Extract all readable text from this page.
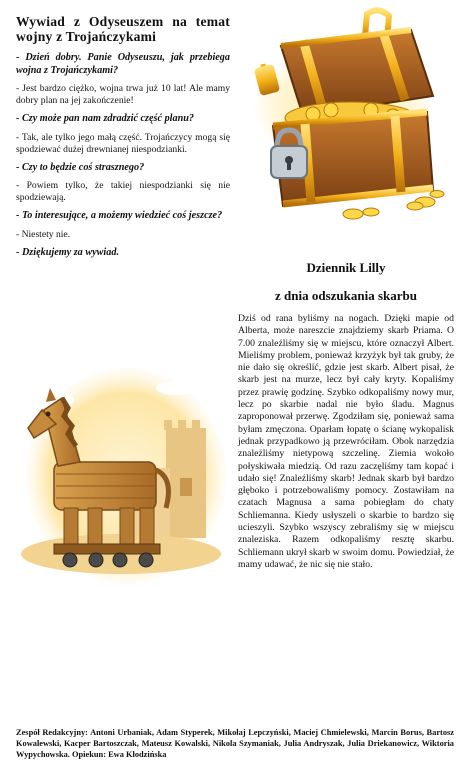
Wywiad z Odyseuszem na temat wojny z Trojańczykami

- Dzień dobry. Panie Odyseuszu, jak przebiega wojna z Trojańczykami?

- Jest bardzo ciężko, wojna trwa już 10 lat! Ale mamy dobry plan na jej zakończenie!

- Czy może pan nam zdradzić część planu?

- Tak, ale tylko jego małą część. Trojańczycy mogą się spodziewać dużej drewnianej niespodzianki.

- Czy to będzie coś strasznego?

- Powiem tylko, że takiej niespodzianki się nie spodziewają.

- To interesujące, a możemy wiedzieć coś jeszcze?

- Niestety nie.

- Dziękujemy za wywiad.

Dziennik Lilly
z dnia odszukania skarbu

Dziś od rana byliśmy na nogach. Dzięki mapie od Alberta, może nareszcie znajdziemy skarb Priama. O 7.00 znaleźliśmy się w miejscu, które oznaczył Albert. Mieliśmy problem, ponieważ krzyżyk był tak gruby, że nie dało się określić, gdzie jest skarb. Albert pisał, że skarb jest na murze, lecz był cały kryty. Kopaliśmy przez prawię godzinę. Szybko odkopaliśmy nowy mur, lecz po skarbie nadal nie było śladu. Magnus zaproponował przerwę. Zgodziłam się, ponieważ sama byłam zmęczona. Oparłam łopatę o ścianę wykopalisk jednak przypadkowo ją przewróciłam. Obok narzędzia znaleźliśmy nietypową szczelinę. Ziemia wokoło połyskiwała miedzią. Od razu zaczęliśmy tam kopać i udało się! Znaleźliśmy skarb! Jednak skarb był bardzo głęboko i potrzebowaliśmy pomocy. Zostawiłam na czatach Magnusa a sama pobiegłam do chaty Schliemanna. Kiedy usłyszeli o skarbie to bardzo się ucieszyli. Szybko wszyscy zebraliśmy się w miejscu znaleziska. Razem odkopaliśmy resztę skarbu. Schliemann ukrył skarb w swoim domu. Powiedział, że mamy udawać, że nic się nie stało.

Zespół Redakcyjny: Antoni Urbaniak, Adam Styperek, Mikołaj Lepczyński, Maciej Chmielewski, Marcin Borus, Bartosz Kowalewski, Kacper Bartoszczak, Mateusz Kowalski, Nikola Szymaniak, Julia Andryszak, Julia Driekanowicz, Wiktoria Wypychowska. Opiekun: Ewa Kłodzińska
